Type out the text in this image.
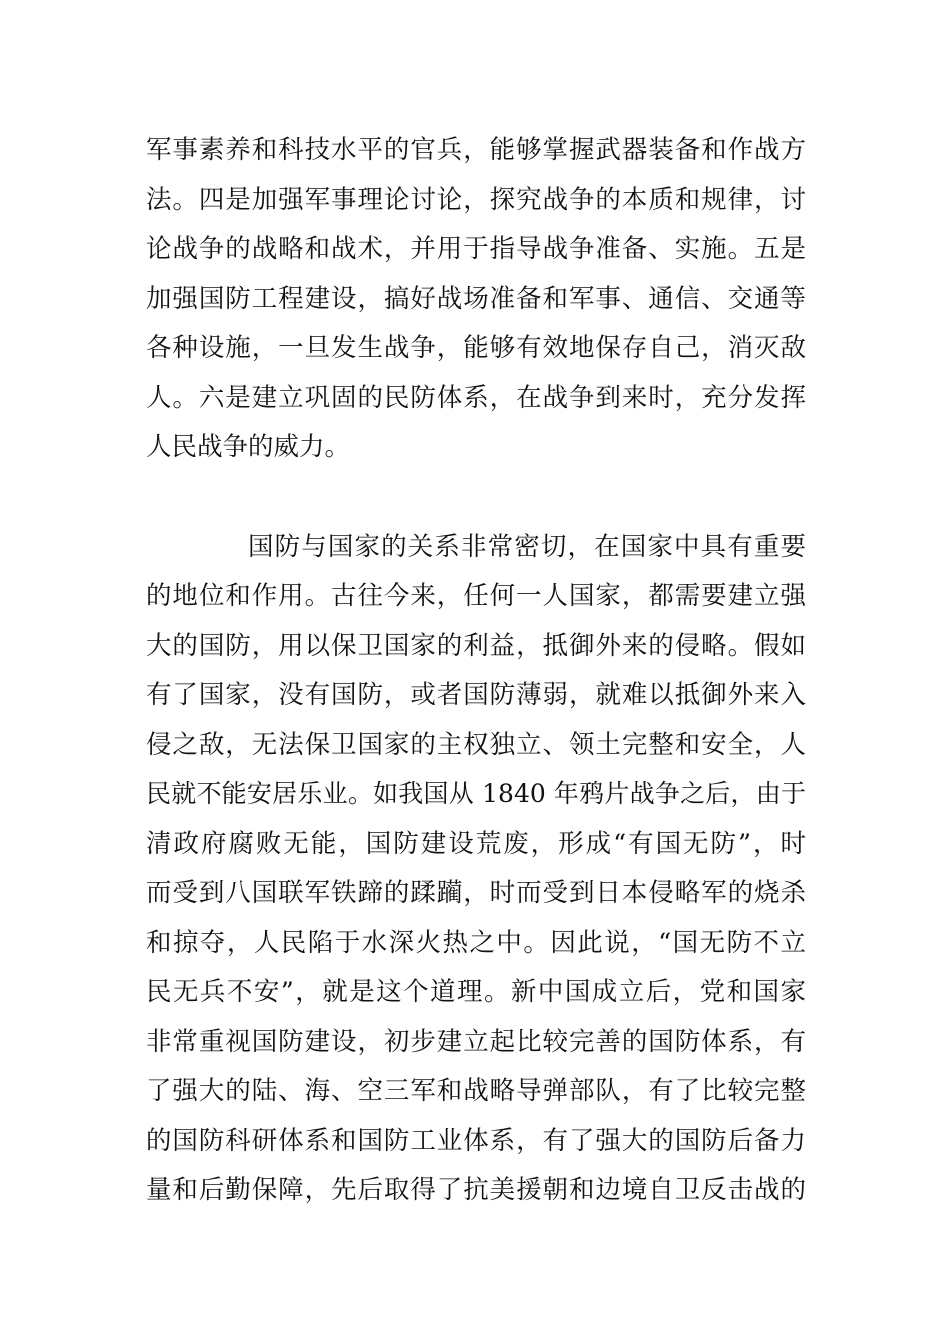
军事素养和科技水平的官兵，能够掌握武器装备和作战方
法。四是加强军事理论讨论，探究战争的本质和规律，讨
论战争的战略和战术，并用于指导战争准备、实施。五是
加强国防工程建设，搞好战场准备和军事、通信、交通等
各种设施，一旦发生战争，能够有效地保存自己，消灭敌
人。六是建立巩固的民防体系，在战争到来时，充分发挥
人民战争的威力。
国防与国家的关系非常密切，在国家中具有重要
的地位和作用。古往今来，任何一人国家，都需要建立强
大的国防，用以保卫国家的利益，抵御外来的侵略。假如
有了国家，没有国防，或者国防薄弱，就难以抵御外来入
侵之敌，无法保卫国家的主权独立、领土完整和安全，人
民就不能安居乐业。如我国从 1840 年鸦片战争之后，由于
清政府腐败无能，国防建设荒废，形成“有国无防”，时
而受到八国联军铁蹄的蹂躏，时而受到日本侵略军的烧杀
和掠夺，人民陷于水深火热之中。因此说，“国无防不立
民无兵不安”，就是这个道理。新中国成立后，党和国家
非常重视国防建设，初步建立起比较完善的国防体系，有
了强大的陆、海、空三军和战略导弹部队，有了比较完整
的国防科研体系和国防工业体系，有了强大的国防后备力
量和后勤保障，先后取得了抗美援朝和边境自卫反击战的
